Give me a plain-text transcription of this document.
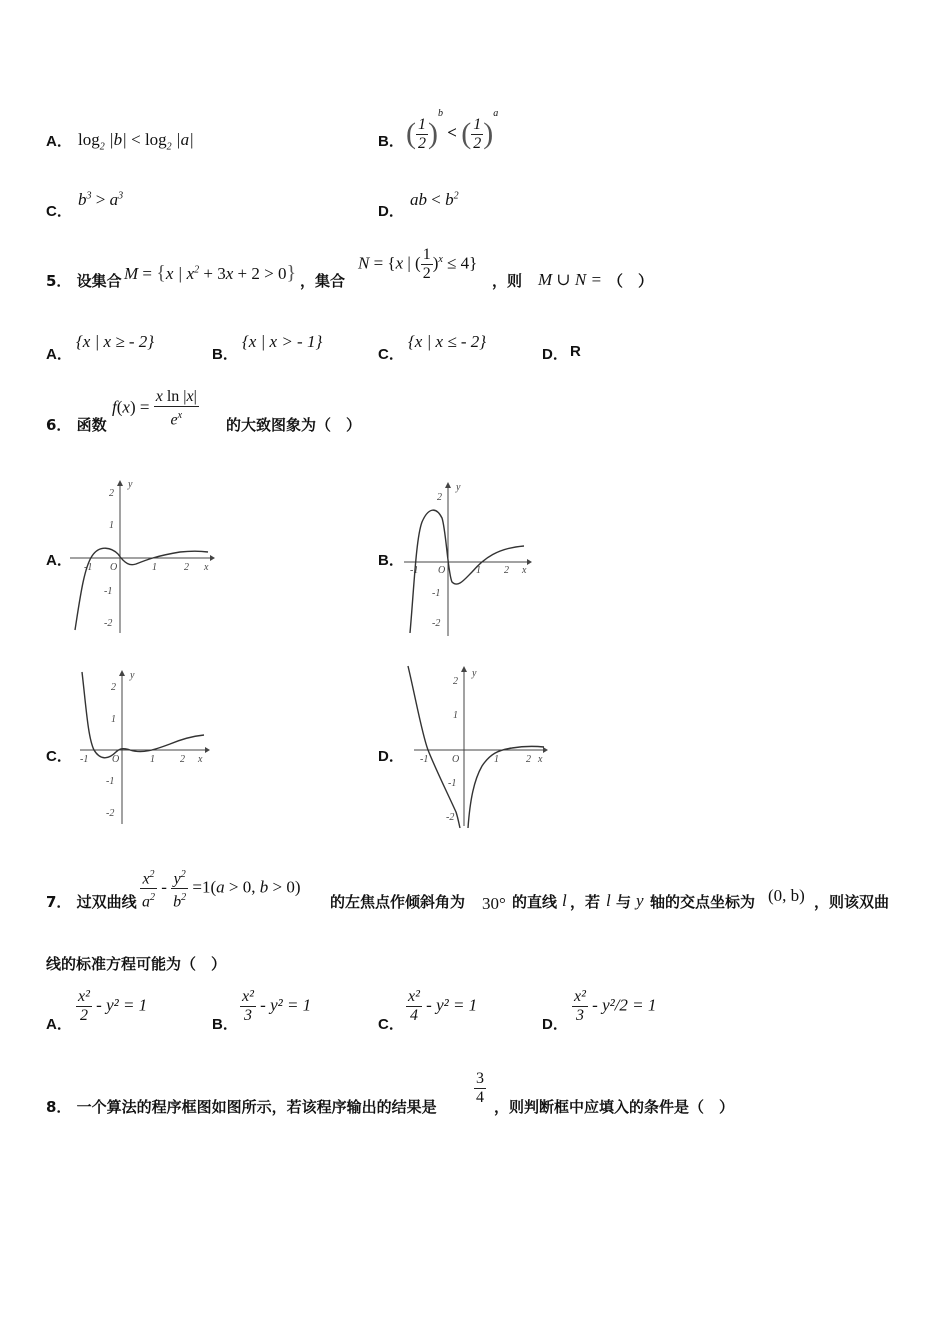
A． $\log_2 |b| < \log_2 |a|$	B． ( $\frac{1}{2} )^b$ < ( $\frac{1}{2} )^a$
C．
$b^3 > a^3$
D．
ab < $b^2$
5． 设集合 M = {x | $x^2 + 3x + 2 > 0$} ，集合
N = {x | ( $\frac{1}{2} )^x \le 4$}
，则 M ∪ N = （　）
A．
{x | x ≥ - 2}
B．
{x | x > - 1}
C．
{x | x ≤ - 2}
D． R
6． 函数
$f(x) = \frac{\text{x ln |x|}}{e^x}$ 的大致图象为（　）
A．
y
x
O
-1	1	2
2
1
-1
-2
B．
y
x
O
-1	1 2
2
-1
-2
C．
y
x
O
-1	1	2
2
1
-1
-2
D．
y
x
O
-1	1	2
2
1
-1
-2
7． 过双曲线 $\frac{x^2}{a^2} - \frac{y^2}{b^2} =1(a > 0$, b > 0)
的左焦点作倾斜角为 30° 的直线 l ，若 l 与 y 轴的交点坐标为 (0, b) ，则该双曲
线的标准方程可能为（　）
A． $\frac{\text{x²}}{2} - y^2 = 1$
B． $\frac{\text{x²}}{3} - y^2 = 1$
C． $\frac{\text{x²}}{4} - y^2 = 1$
D． $\frac{\text{x²}}{3} - y^2/2 = 1$
8． 一个算法的程序框图如图所示，若该程序输出的结果是 $\frac{3}{4}$ ，则判断框中应填入的条件是（　）
